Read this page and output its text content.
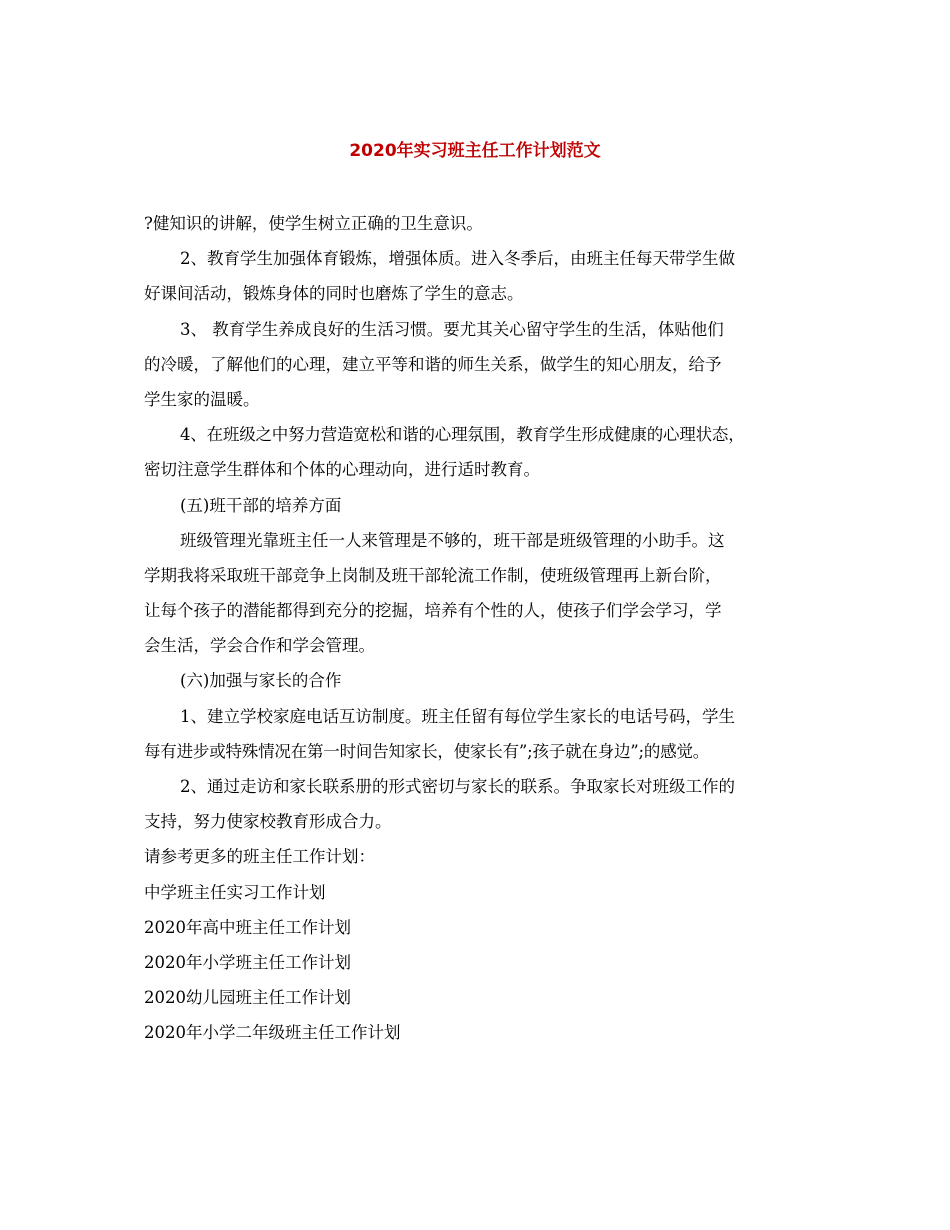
2020年实习班主任工作计划范文
?健知识的讲解，使学生树立正确的卫生意识。
2、教育学生加强体育锻炼，增强体质。进入冬季后，由班主任每天带学生做
好课间活动，锻炼身体的同时也磨炼了学生的意志。
3、 教育学生养成良好的生活习惯。要尤其关心留守学生的生活，体贴他们
的冷暖，了解他们的心理，建立平等和谐的师生关系，做学生的知心朋友，给予
学生家的温暖。
4、在班级之中努力营造宽松和谐的心理氛围，教育学生形成健康的心理状态，
密切注意学生群体和个体的心理动向，进行适时教育。
(五)班干部的培养方面
班级管理光靠班主任一人来管理是不够的，班干部是班级管理的小助手。这
学期我将采取班干部竞争上岗制及班干部轮流工作制，使班级管理再上新台阶，
让每个孩子的潜能都得到充分的挖掘，培养有个性的人，使孩子们学会学习，学
会生活，学会合作和学会管理。
(六)加强与家长的合作
1、建立学校家庭电话互访制度。班主任留有每位学生家长的电话号码，学生
每有进步或特殊情况在第一时间告知家长，使家长有”;孩子就在身边”;的感觉。
2、通过走访和家长联系册的形式密切与家长的联系。争取家长对班级工作的
支持，努力使家校教育形成合力。
请参考更多的班主任工作计划：
中学班主任实习工作计划
2020年高中班主任工作计划
2020年小学班主任工作计划
2020幼儿园班主任工作计划
2020年小学二年级班主任工作计划
